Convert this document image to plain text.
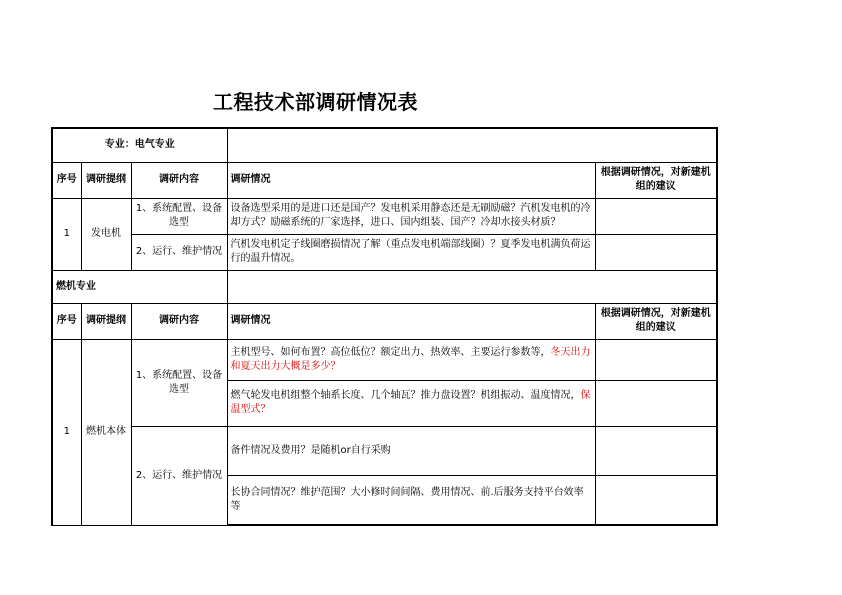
工程技术部调研情况表
专业：电气专业				
序号	调研提纲	调研内容	调研情况	根据调研情况，对新建机组的建议
1	发电机	1、系统配置、设备选型	设备选型采用的是进口还是国产？发电机采用静态还是无刷励磁？汽机发电机的冷却方式？励磁系统的厂家选择，进口、国内组装、国产？冷却水接头材质？	

		2、运行、维护情况	汽机发电机定子线圈磨损情况了解（重点发电机端部线圈）？夏季发电机满负荷运行的温升情况。	
燃机专业				
序号	调研提纲	调研内容	调研情况	根据调研情况，对新建机组的建议
1	燃机本体	1、系统配置、设备选型	主机型号、如何布置？高位低位？额定出力、热效率、主要运行参数等，冬天出力和夏天出力大概是多少？	
			燃气轮发电机组整个轴系长度、几个轴瓦？推力盘设置？机组振动、温度情况，保温型式？	
		2、运行、维护情况	备件情况及费用？是随机or自行采购	
			长协合同情况？维护范围？大小修时间间隔、费用情况、前.后服务支持平台效率等	
